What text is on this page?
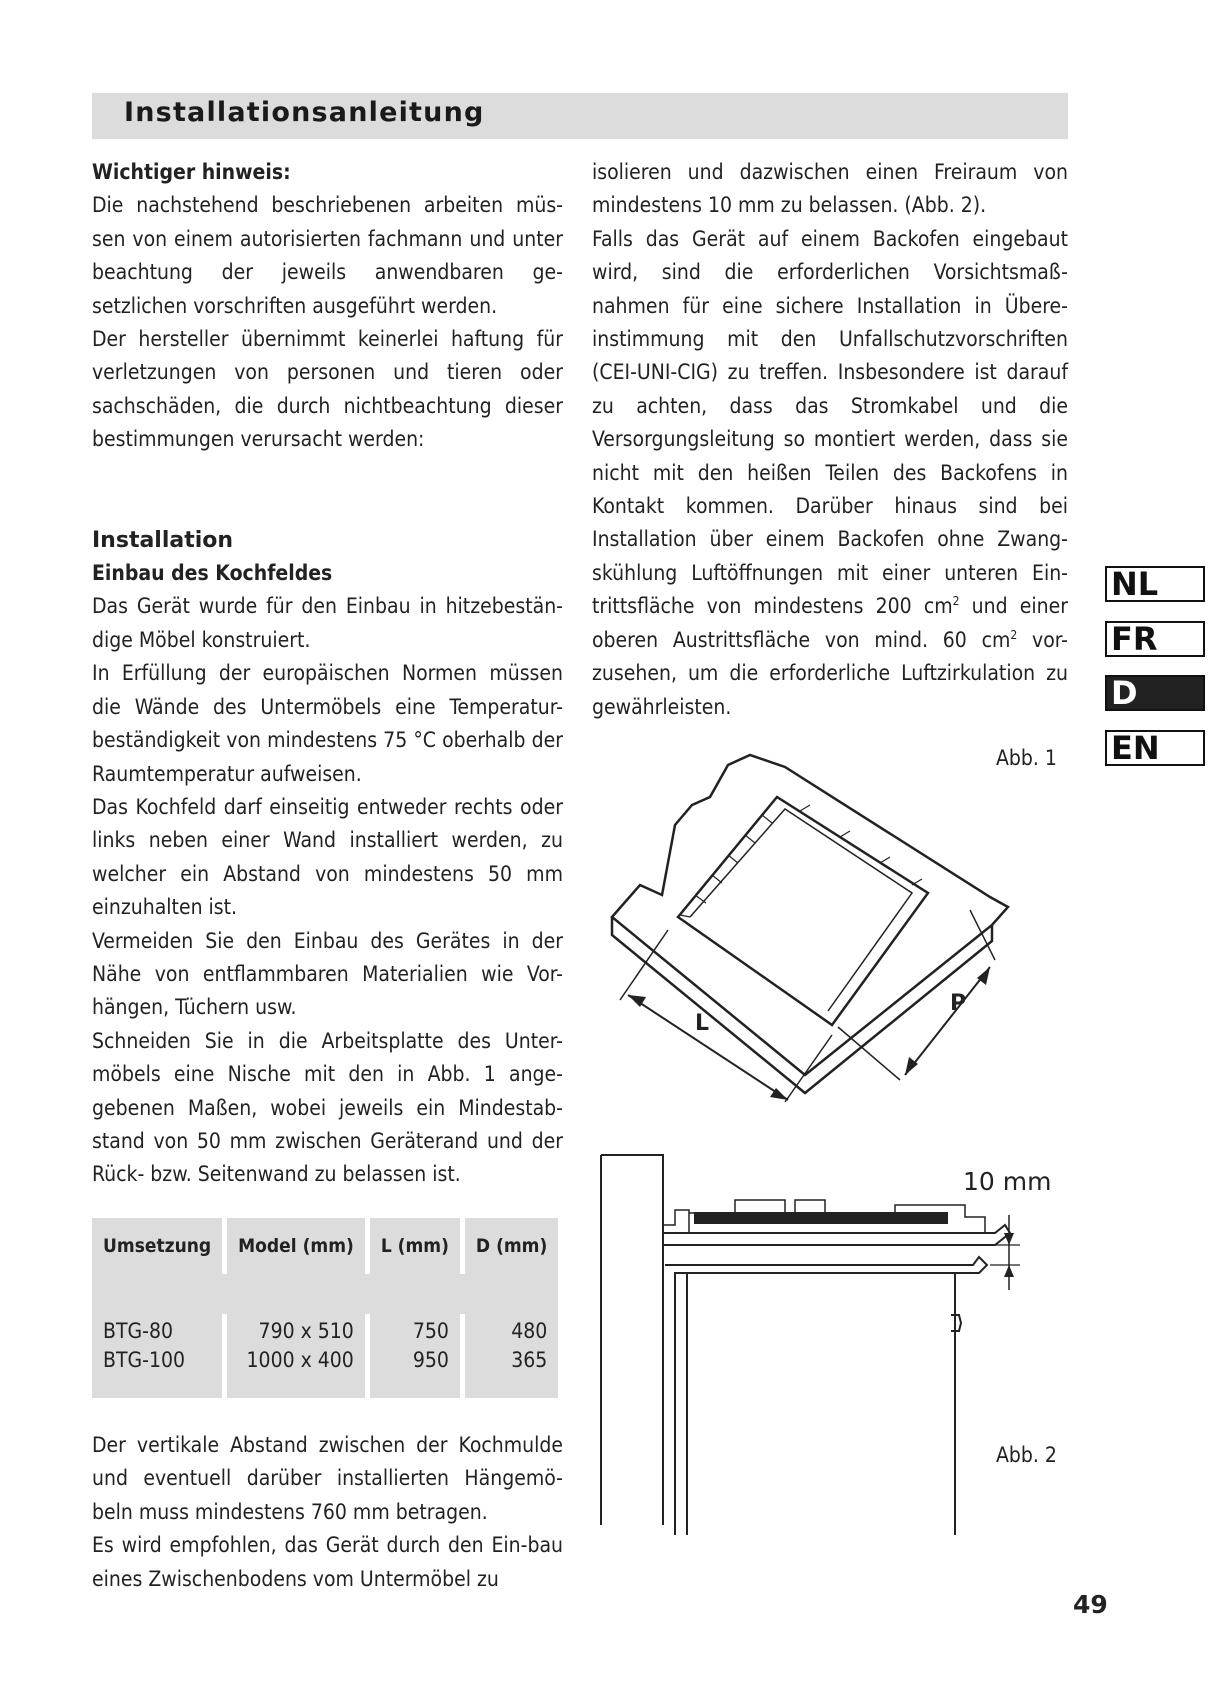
Installationsanleitung

Wichtiger hinweis:

Die nachstehend beschriebenen arbeiten müs-sen von einem autorisierten fachmann und unter beachtung der jeweils anwendbaren ge-setzlichen vorschriften ausgeführt werden.

Der hersteller übernimmt keinerlei haftung für verletzungen von personen und tieren oder sachschäden, die durch nichtbeachtung dieser bestimmungen verursacht werden:

Installation

Einbau des Kochfeldes

Das Gerät wurde für den Einbau in hitzebestän-dige Möbel konstruiert.

In Erfüllung der europäischen Normen müssen die Wände des Untermöbels eine Temperatur-beständigkeit von mindestens 75 °C oberhalb der Raumtemperatur aufweisen.

Das Kochfeld darf einseitig entweder rechts oder links neben einer Wand installiert werden, zu welcher ein Abstand von mindestens 50 mm einzuhalten ist.

Vermeiden Sie den Einbau des Gerätes in der Nähe von entflammbaren Materialien wie Vor-hängen, Tüchern usw.

Schneiden Sie in die Arbeitsplatte des Unter-möbels eine Nische mit den in Abb. 1 ange-gebenen Maßen, wobei jeweils ein Mindestab-stand von 50 mm zwischen Geräterand und der Rück- bzw. Seitenwand zu belassen ist.

Umsetzung	Model (mm)	L (mm)	D (mm)

BTG-80	790 x 510	750	480
BTG-100	1000 x 400	950	365

Der vertikale Abstand zwischen der Kochmulde und eventuell darüber installierten Hängemö-beln muss mindestens 760 mm betragen.

Es wird empfohlen, das Gerät durch den Ein-bau eines Zwischenbodens vom Untermöbel zu

isolieren und dazwischen einen Freiraum von mindestens 10 mm zu belassen. (Abb. 2).

Falls das Gerät auf einem Backofen eingebaut wird, sind die erforderlichen Vorsichtsmaß-nahmen für eine sichere Installation in Übere-instimmung mit den Unfallschutzvorschriften (CEI-UNI-CIG) zu treffen. Insbesondere ist darauf zu achten, dass das Stromkabel und die Versorgungsleitung so montiert werden, dass sie nicht mit den heißen Teilen des Backofens in Kontakt kommen. Darüber hinaus sind bei Installation über einem Backofen ohne Zwang-skühlung Luftöffnungen mit einer unteren Ein-trittsfläche von mindestens 200 $cm^2$ und einer oberen Austrittsfläche von mind. 60 $cm^2$ vor-zusehen, um die erforderliche Luftzirkulation zu gewährleisten.

Abb. 1
L
P
10 mm
Abb. 2
NL
FR
D
EN
49
